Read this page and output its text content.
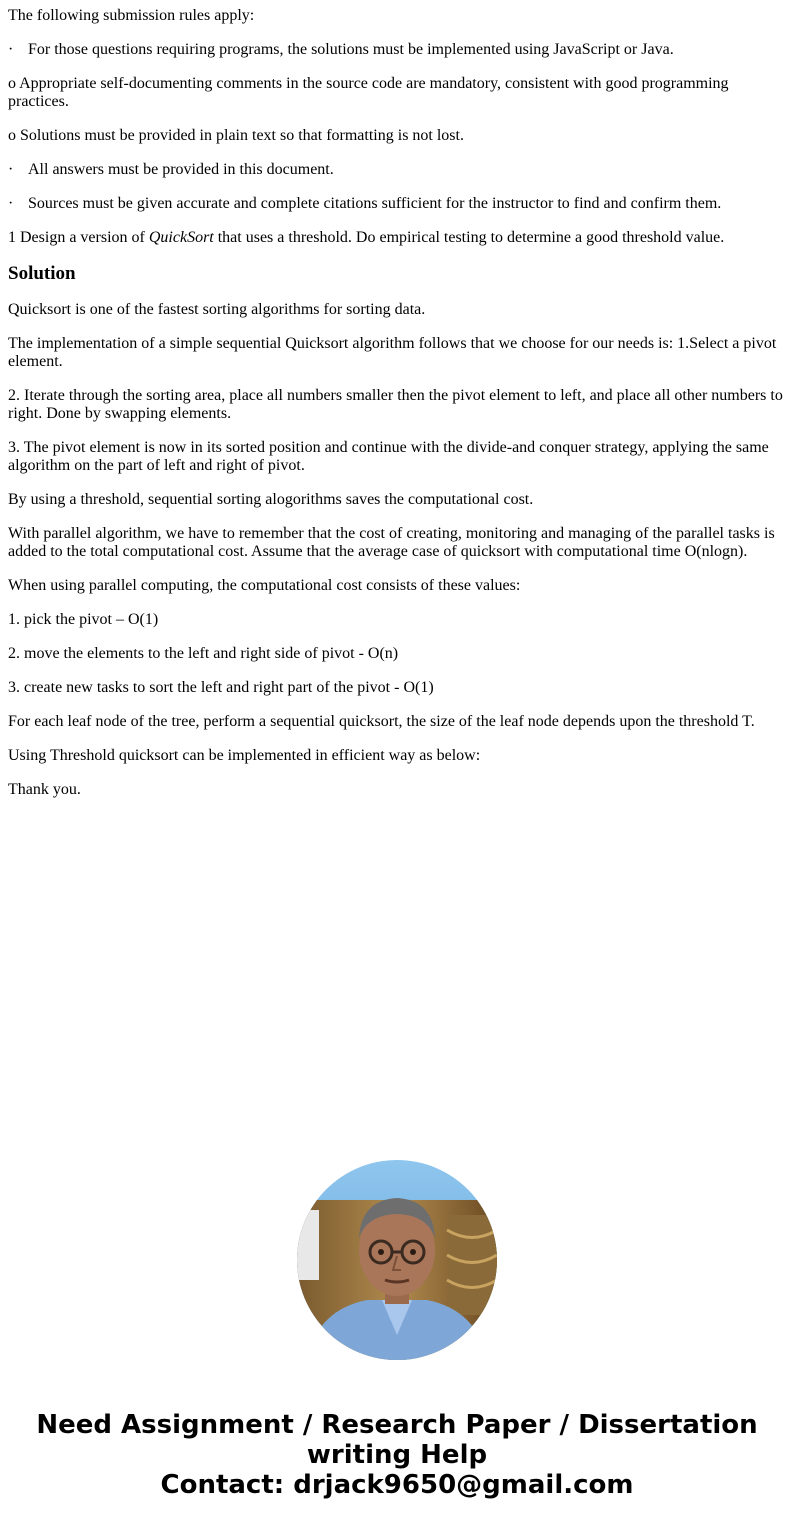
The following submission rules apply:

· For those questions requiring programs, the solutions must be implemented using JavaScript or Java.

o Appropriate self-documenting comments in the source code are mandatory, consistent with good programming practices.

o Solutions must be provided in plain text so that formatting is not lost.

· All answers must be provided in this document.

· Sources must be given accurate and complete citations sufficient for the instructor to find and confirm them.

1 Design a version of QuickSort that uses a threshold. Do empirical testing to determine a good threshold value.

Solution

Quicksort is one of the fastest sorting algorithms for sorting data.

The implementation of a simple sequential Quicksort algorithm follows that we choose for our needs is: 1.Select a pivot element.

2. Iterate through the sorting area, place all numbers smaller then the pivot element to left, and place all other numbers to right. Done by swapping elements.

3. The pivot element is now in its sorted position and continue with the divide-and conquer strategy, applying the same algorithm on the part of left and right of pivot.

By using a threshold, sequential sorting alogorithms saves the computational cost.

With parallel algorithm, we have to remember that the cost of creating, monitoring and managing of the parallel tasks is added to the total computational cost. Assume that the average case of quicksort with computational time O(nlogn).

When using parallel computing, the computational cost consists of these values:

1. pick the pivot – O(1)

2. move the elements to the left and right side of pivot - O(n)

3. create new tasks to sort the left and right part of the pivot - O(1)

For each leaf node of the tree, perform a sequential quicksort, the size of the leaf node depends upon the threshold T.

Using Threshold quicksort can be implemented in efficient way as below:

Thank you.

Need Assignment / Research Paper / Dissertation
writing Help
Contact: drjack9650@gmail.com
